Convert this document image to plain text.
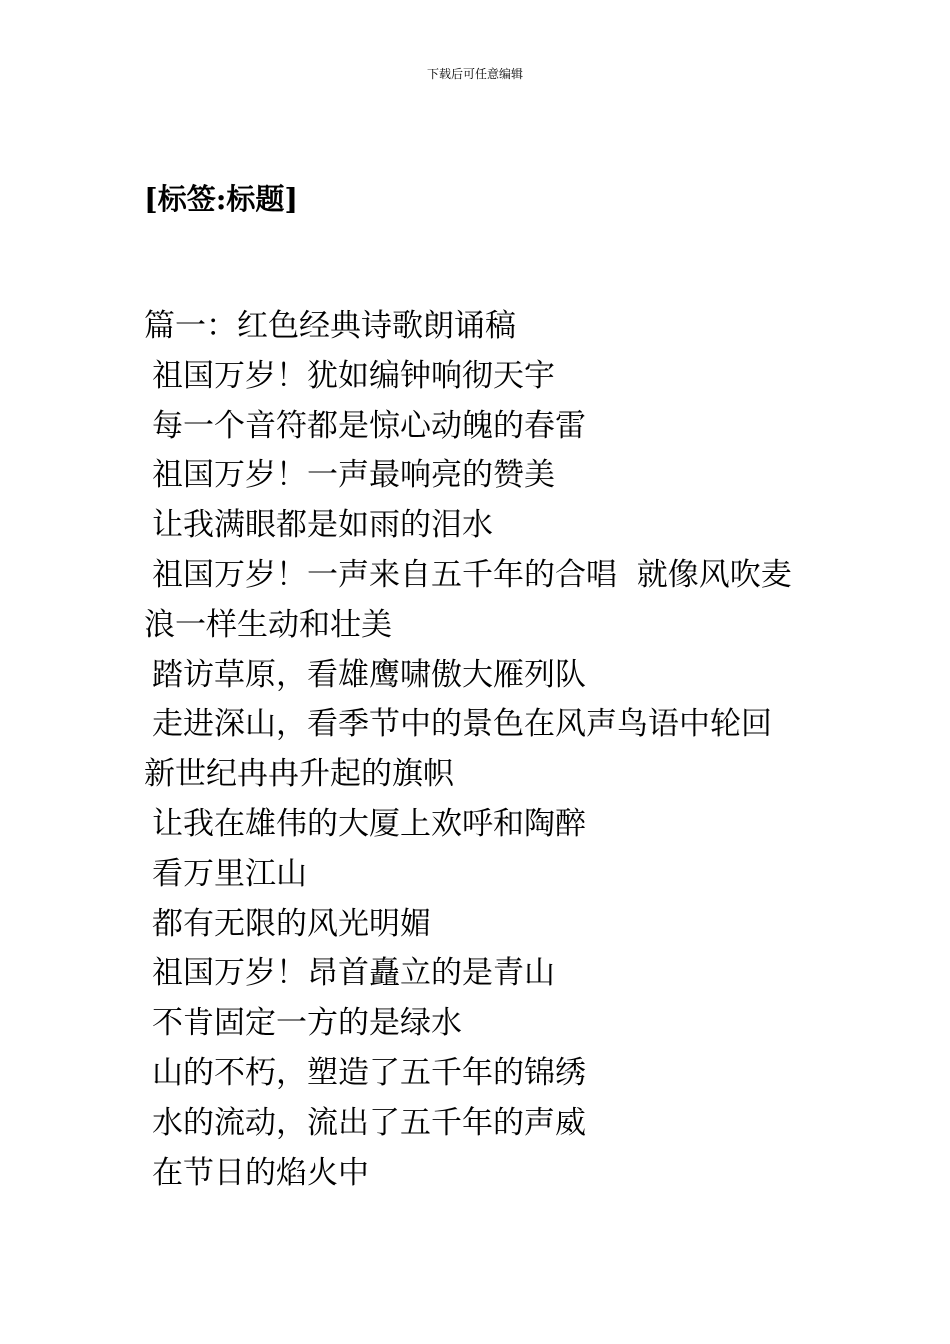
下载后可任意编辑
[标签:标题]
篇一：红色经典诗歌朗诵稿
祖国万岁！犹如编钟响彻天宇
每一个音符都是惊心动魄的春雷
祖国万岁！一声最响亮的赞美
让我满眼都是如雨的泪水
祖国万岁！一声来自五千年的合唱  就像风吹麦
浪一样生动和壮美
踏访草原，看雄鹰啸傲大雁列队
走进深山，看季节中的景色在风声鸟语中轮回
新世纪冉冉升起的旗帜
让我在雄伟的大厦上欢呼和陶醉
看万里江山
都有无限的风光明媚
祖国万岁！昂首矗立的是青山
不肯固定一方的是绿水
山的不朽，塑造了五千年的锦绣
水的流动，流出了五千年的声威
在节日的焰火中
